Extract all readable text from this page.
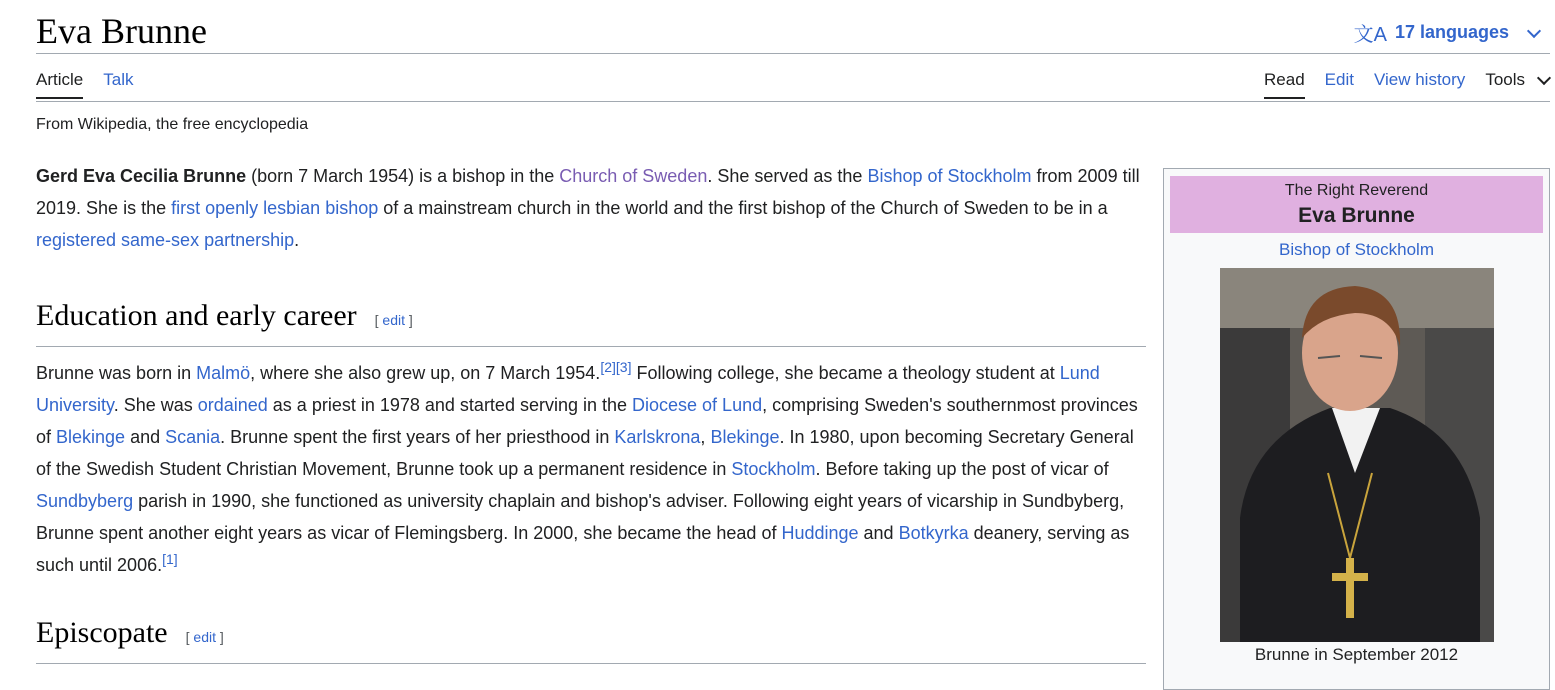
Eva Brunne	文A 17 languages
Article Talk	Read Edit View history Tools
From Wikipedia, the free encyclopedia

Gerd Eva Cecilia Brunne (born 7 March 1954) is a bishop in the Church of Sweden. She served as the Bishop of Stockholm from 2009 till 2019. She is the first openly lesbian bishop of a mainstream church in the world and the first bishop of the Church of Sweden to be in a registered same-sex partnership.

Education and early career [ edit ]

Brunne was born in Malmö, where she also grew up, on 7 March 1954.[2][3] Following college, she became a theology student at Lund University. She was ordained as a priest in 1978 and started serving in the Diocese of Lund, comprising Sweden's southernmost provinces of Blekinge and Scania. Brunne spent the first years of her priesthood in Karlskrona, Blekinge. In 1980, upon becoming Secretary General of the Swedish Student Christian Movement, Brunne took up a permanent residence in Stockholm. Before taking up the post of vicar of Sundbyberg parish in 1990, she functioned as university chaplain and bishop's adviser. Following eight years of vicarship in Sundbyberg, Brunne spent another eight years as vicar of Flemingsberg. In 2000, she became the head of Huddinge and Botkyrka deanery, serving as such until 2006.[1]

Episcopate [ edit ]
The Right Reverend
Eva Brunne
Bishop of Stockholm
Brunne in September 2012
